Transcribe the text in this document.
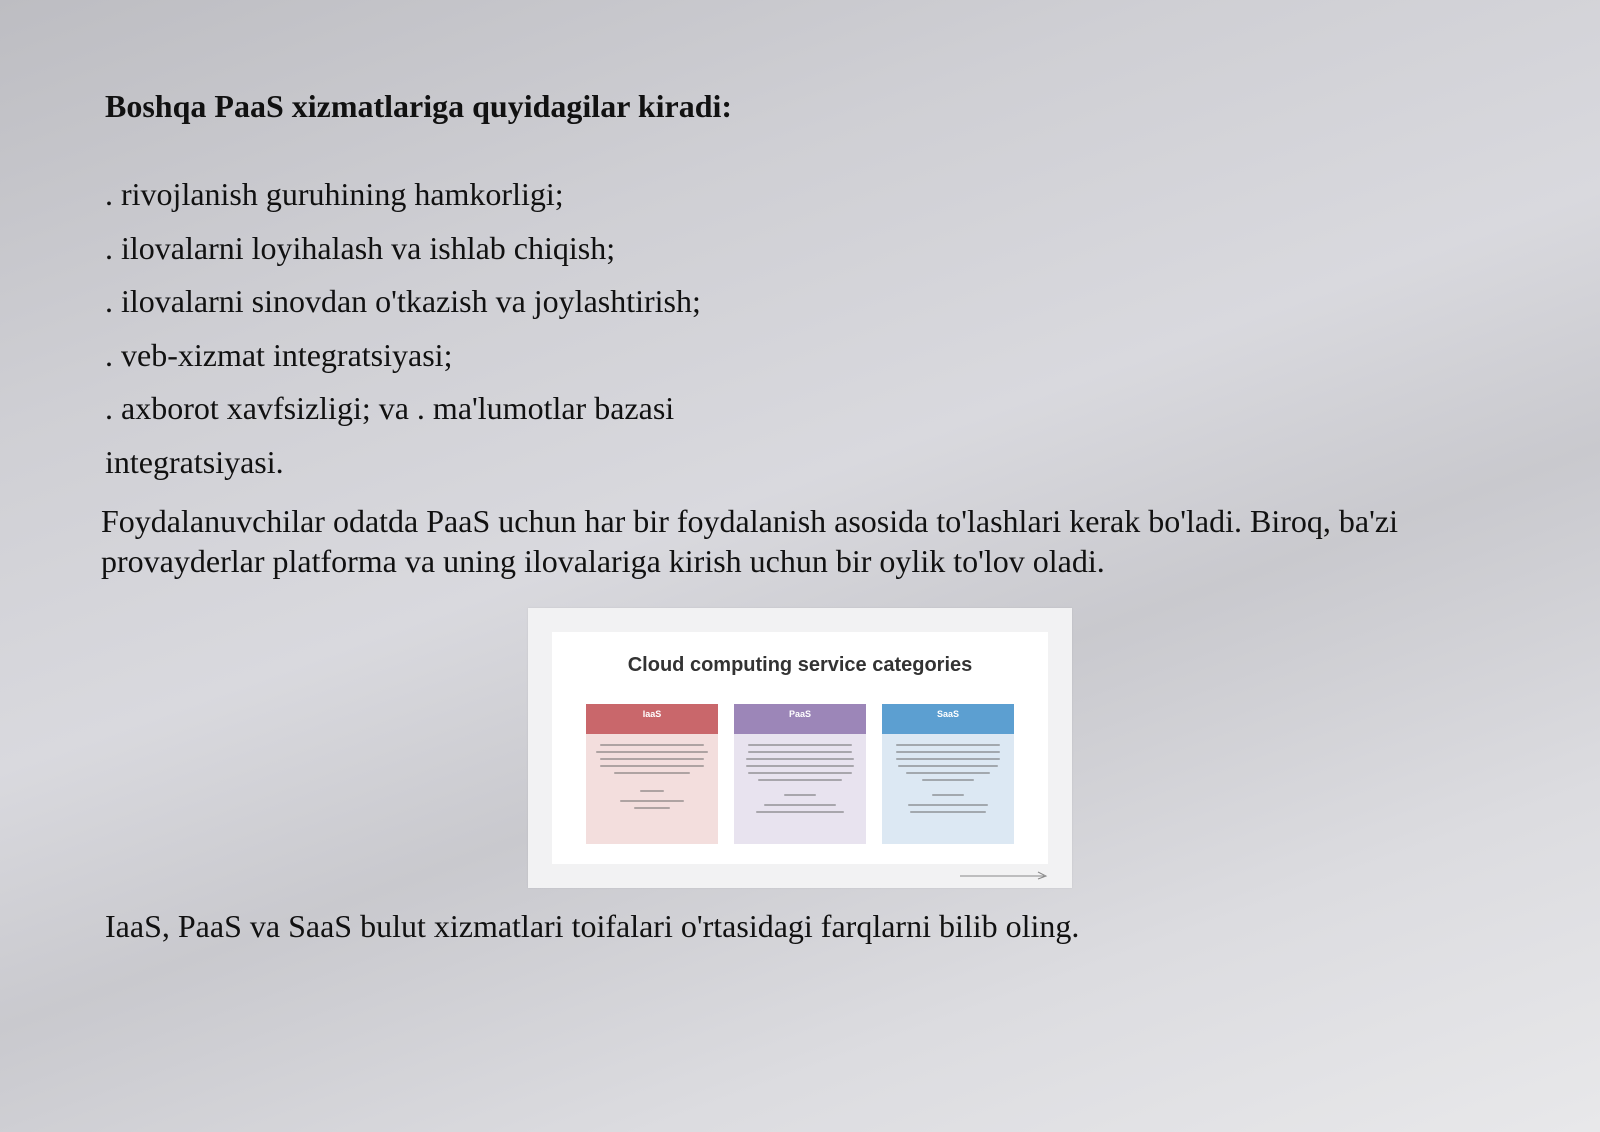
Boshqa PaaS xizmatlariga quyidagilar kiradi:
. rivojlanish guruhining hamkorligi;
. ilovalarni loyihalash va ishlab chiqish;
. ilovalarni sinovdan o'tkazish va joylashtirish;
. veb-xizmat integratsiyasi;
. axborot xavfsizligi; va . ma'lumotlar bazasi
integratsiyasi.

Foydalanuvchilar odatda PaaS uchun har bir foydalanish asosida to'lashlari kerak bo'ladi. Biroq, ba'zi provayderlar platforma va uning ilovalariga kirish uchun bir oylik to'lov oladi.

Cloud computing service categories
IaaS	PaaS	SaaS

IaaS, PaaS va SaaS bulut xizmatlari toifalari o'rtasidagi farqlarni bilib oling.
